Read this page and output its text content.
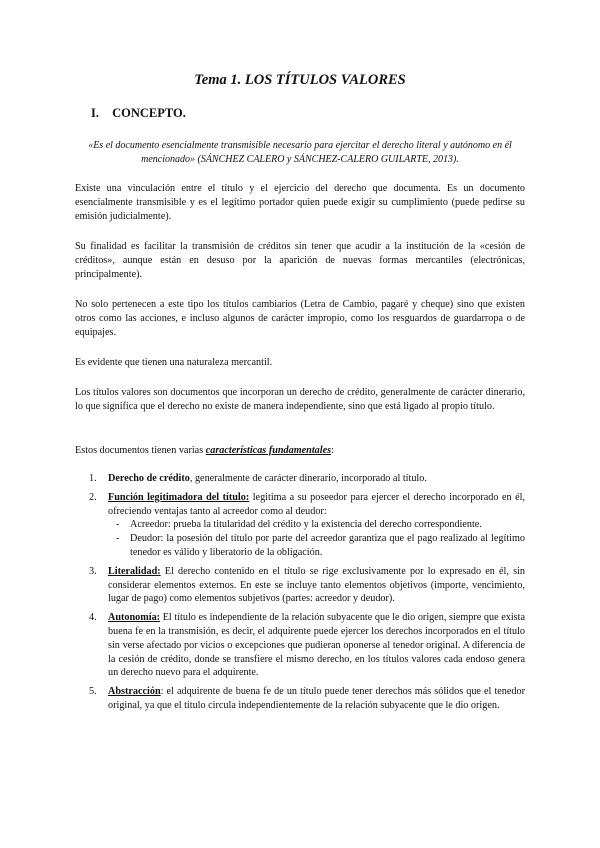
Tema 1. LOS TÍTULOS VALORES
I. CONCEPTO.

«Es el documento esencialmente transmisible necesario para ejercitar el derecho literal y autónomo en él mencionado» (SÁNCHEZ CALERO y SÁNCHEZ-CALERO GUILARTE, 2013).

Existe una vinculación entre el título y el ejercicio del derecho que documenta. Es un documento esencialmente transmisible y es el legítimo portador quien puede exigir su cumplimiento (puede pedirse su emisión judicialmente).

Su finalidad es facilitar la transmisión de créditos sin tener que acudir a la institución de la «cesión de créditos», aunque están en desuso por la aparición de nuevas formas mercantiles (electrónicas, principalmente).

No solo pertenecen a este tipo los títulos cambiarios (Letra de Cambio, pagaré y cheque) sino que existen otros como las acciones, e incluso algunos de carácter impropio, como los resguardos de guardarropa o de equipajes.

Es evidente que tienen una naturaleza mercantil.

Los títulos valores son documentos que incorporan un derecho de crédito, generalmente de carácter dinerario, lo que significa que el derecho no existe de manera independiente, sino que está ligado al propio título.

Estos documentos tienen varias características fundamentales:

1. Derecho de crédito, generalmente de carácter dinerario, incorporado al título.
2. Función legitimadora del título: legitima a su poseedor para ejercer el derecho incorporado en él, ofreciendo ventajas tanto al acreedor como al deudor:
- Acreedor: prueba la titularidad del crédito y la existencia del derecho correspondiente.
- Deudor: la posesión del título por parte del acreedor garantiza que el pago realizado al legítimo tenedor es válido y liberatorio de la obligación.
3. Literalidad: El derecho contenido en el título se rige exclusivamente por lo expresado en él, sin considerar elementos externos. En este se incluye tanto elementos objetivos (importe, vencimiento, lugar de pago) como elementos subjetivos (partes: acreedor y deudor).
4. Autonomía: El título es independiente de la relación subyacente que le dio origen, siempre que exista buena fe en la transmisión, es decir, el adquirente puede ejercer los derechos incorporados en el título sin verse afectado por vicios o excepciones que pudieran oponerse al tenedor original. A diferencia de la cesión de crédito, donde se transfiere el mismo derecho, en los títulos valores cada endoso genera un derecho nuevo para el adquirente.
5. Abstracción: el adquirente de buena fe de un título puede tener derechos más sólidos que el tenedor original, ya que el título circula independientemente de la relación subyacente que le dio origen.
